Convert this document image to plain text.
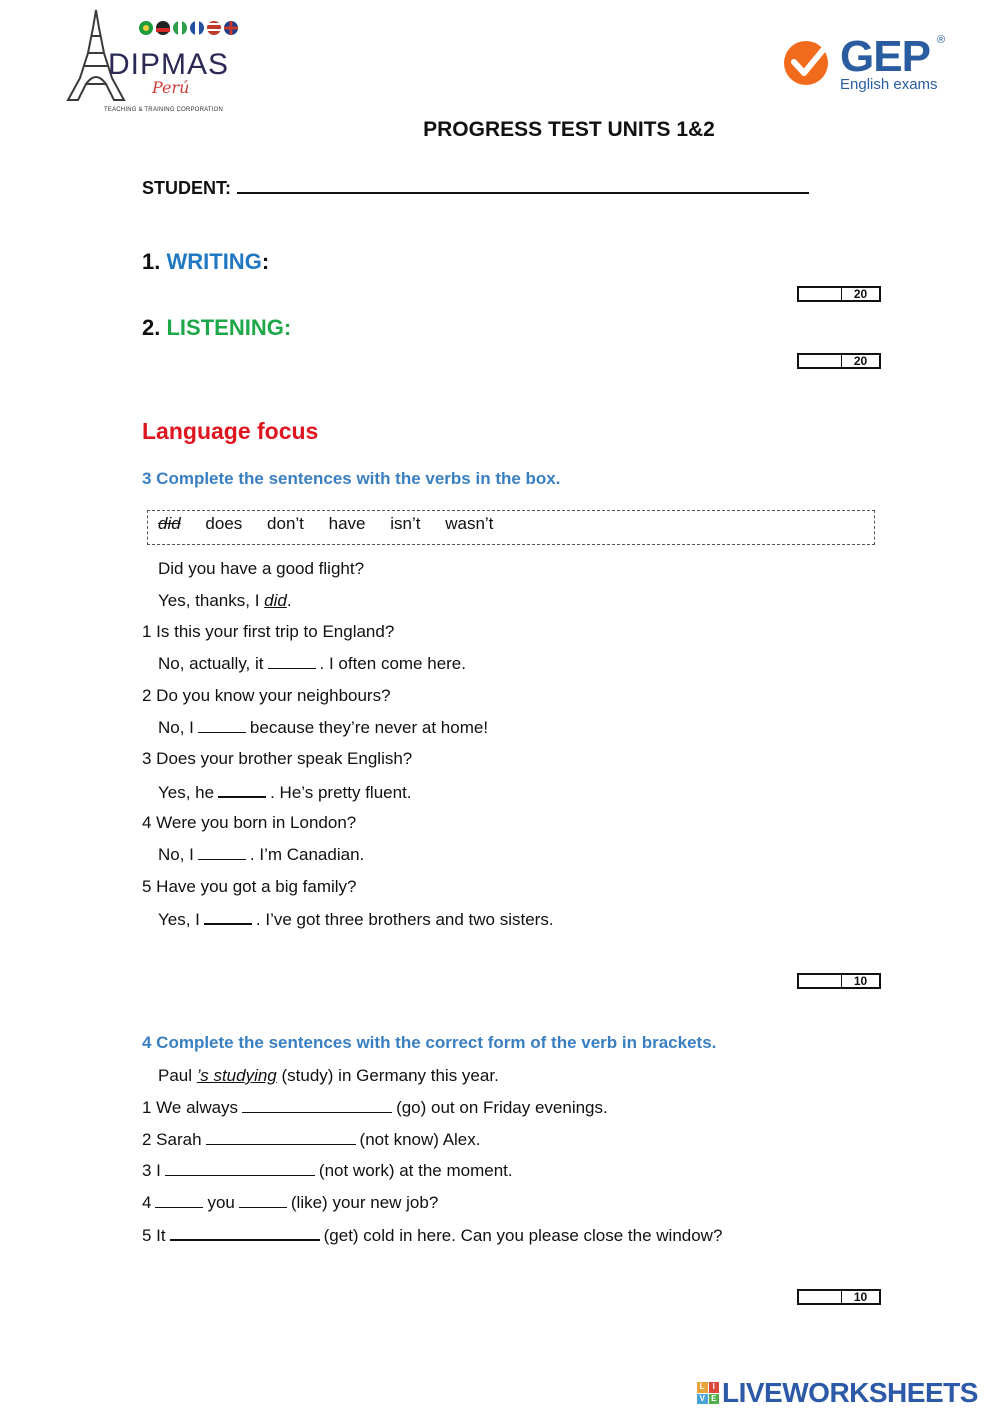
DIPMAS
Perú
TEACHING & TRAINING CORPORATION
GEP ®
English exams
PROGRESS TEST UNITS 1&2
STUDENT:
1. WRITING:
20
2. LISTENING:
20
Language focus
3 Complete the sentences with the verbs in the box.
did does don’t have isn’t wasn’t
Did you have a good flight?
Yes, thanks, I did.
1 Is this your first trip to England?
No, actually, it	. I often come here.
2 Do you know your neighbours?
No, I	because they’re never at home!
3 Does your brother speak English?
Yes, he	. He’s pretty fluent.
4 Were you born in London?
No, I	. I’m Canadian.
5 Have you got a big family?
Yes, I	. I’ve got three brothers and two sisters.
10
4 Complete the sentences with the correct form of the verb in brackets.
Paul ’s studying (study) in Germany this year.
1 We always	(go) out on Friday evenings.
2 Sarah	(not know) Alex.
3 I	(not work) at the moment.
4	you	(like) your new job?
5 It	(get) cold in here. Can you please close the window?
10
L I
V E LIVEWORKSHEETS
